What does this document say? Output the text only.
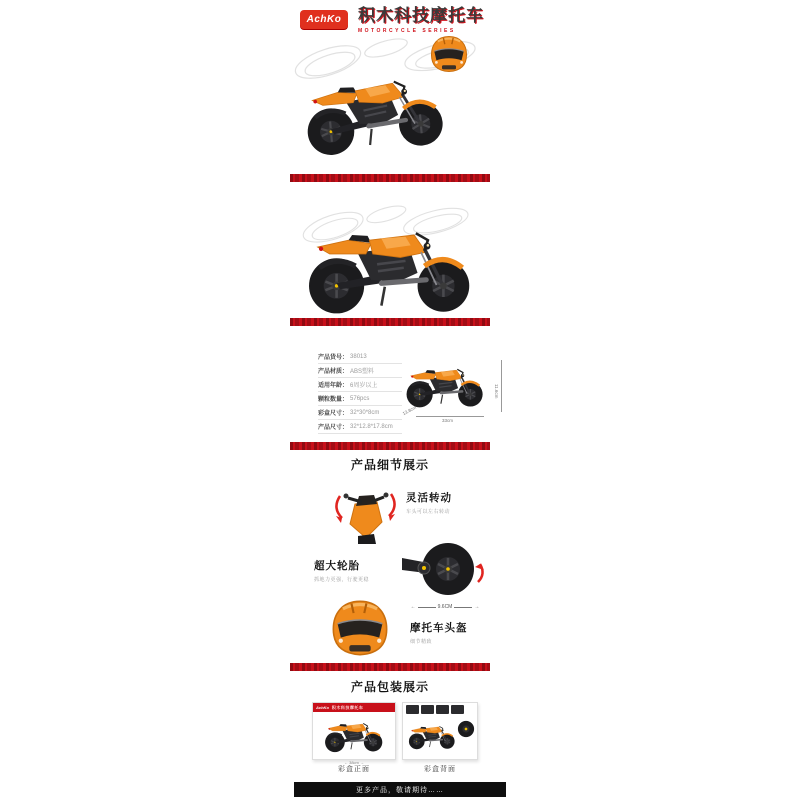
AchKo 积木科技摩托车
MOTORCYCLE SERIES
产品货号： 38013
产品材质： ABS塑料
适用年龄： 6周岁以上
颗粒数量： 576pcs
彩盒尺寸： 32*30*8cm
产品尺寸： 32*12.8*17.8cm
11.6cm
33cm
13.8cm
产品细节展示
灵活转动
车头可以左右转动
超大轮胎
抓地力更强，行驶更稳
←	9.6CM	→
摩托车头盔
细节精致
产品包装展示
AchKo 积木科技摩托车
← 38cm →
彩盒正面	彩盒背面
更多产品，敬请期待……
